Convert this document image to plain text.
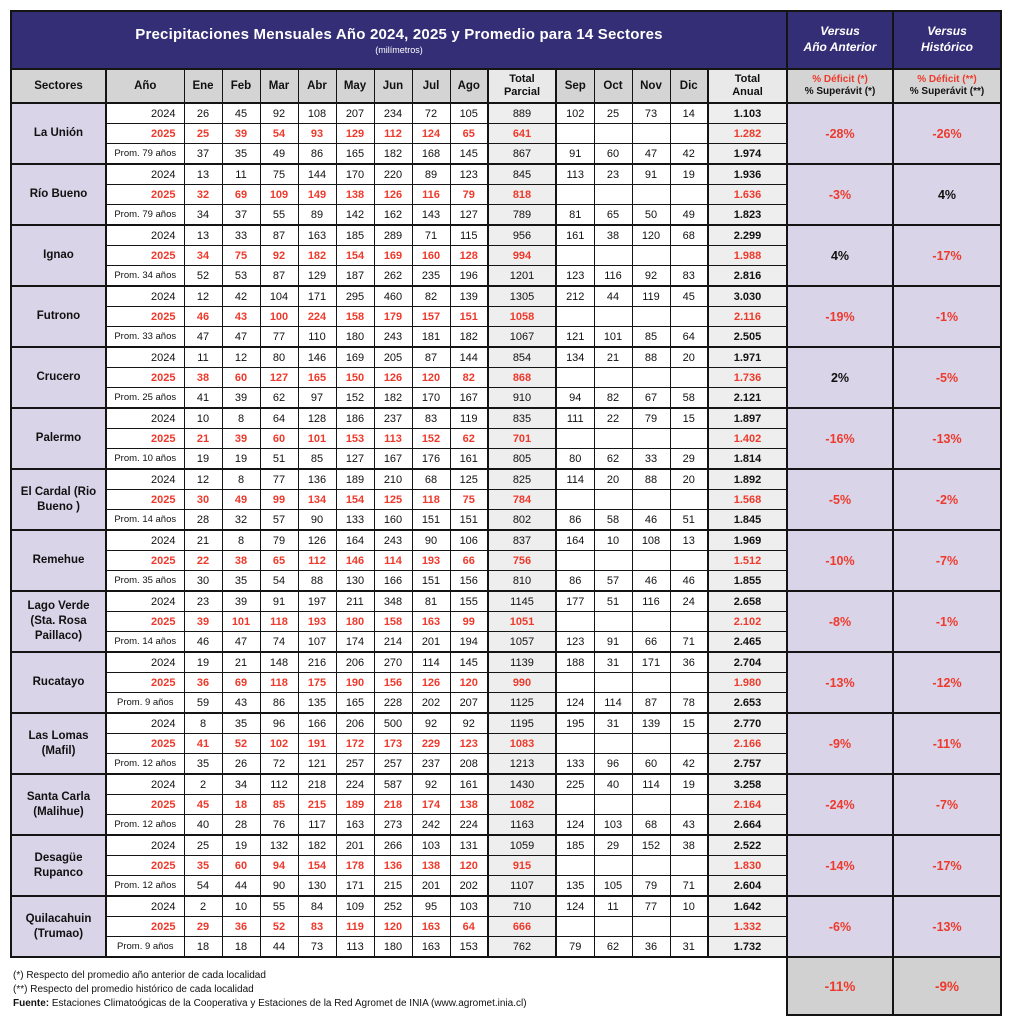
Precipitaciones Mensuales Año 2024, 2025 y Promedio para 14 Sectores
(milímetros)

Versus
Año Anterior

Versus
Histórico

Sectores	Año	Ene	Feb	Mar	Abr	May	Jun	Jul	Ago	
Total
Parcial	Sep	Oct	Nov	Dic	
Total
Anual

% Déficit (*)
% Superávit (*)

% Déficit (**)
% Superávit (**)

La Unión	2024	26	45	92	108	207	234	72	105	889	102	25	73	14	1.103	-28%	-26%
	2025	25	39	54	93	129	112	124	65	641					1.282		
	Prom. 79 años	37	35	49	86	165	182	168	145	867	91	60	47	42	1.974		
Río Bueno	2024	13	11	75	144	170	220	89	123	845	113	23	91	19	1.936	-3%	4%
	2025	32	69	109	149	138	126	116	79	818					1.636		
	Prom. 79 años	34	37	55	89	142	162	143	127	789	81	65	50	49	1.823		
Ignao	2024	13	33	87	163	185	289	71	115	956	161	38	120	68	2.299	4%	-17%
	2025	34	75	92	182	154	169	160	128	994					1.988		
	Prom. 34 años	52	53	87	129	187	262	235	196	1201	123	116	92	83	2.816		
Futrono	2024	12	42	104	171	295	460	82	139	1305	212	44	119	45	3.030	-19%	-1%
	2025	46	43	100	224	158	179	157	151	1058					2.116		
	Prom. 33 años	47	47	77	110	180	243	181	182	1067	121	101	85	64	2.505		
Crucero	2024	11	12	80	146	169	205	87	144	854	134	21	88	20	1.971	2%	-5%
	2025	38	60	127	165	150	126	120	82	868					1.736		
	Prom. 25 años	41	39	62	97	152	182	170	167	910	94	82	67	58	2.121		
Palermo	2024	10	8	64	128	186	237	83	119	835	111	22	79	15	1.897	-16%	-13%
	2025	21	39	60	101	153	113	152	62	701					1.402		
	Prom. 10 años	19	19	51	85	127	167	176	161	805	80	62	33	29	1.814		
El Cardal (Rio Bueno )	2024	12	8	77	136	189	210	68	125	825	114	20	88	20	1.892	-5%	-2%
	2025	30	49	99	134	154	125	118	75	784					1.568		
	Prom. 14 años	28	32	57	90	133	160	151	151	802	86	58	46	51	1.845		
Remehue	2024	21	8	79	126	164	243	90	106	837	164	10	108	13	1.969	-10%	-7%
	2025	22	38	65	112	146	114	193	66	756					1.512		
	Prom. 35 años	30	35	54	88	130	166	151	156	810	86	57	46	46	1.855		
Lago Verde (Sta. Rosa Paillaco)	2024	23	39	91	197	211	348	81	155	1145	177	51	116	24	2.658	-8%	-1%
	2025	39	101	118	193	180	158	163	99	1051					2.102		
	Prom. 14 años	46	47	74	107	174	214	201	194	1057	123	91	66	71	2.465		
Rucatayo	2024	19	21	148	216	206	270	114	145	1139	188	31	171	36	2.704	-13%	-12%
	2025	36	69	118	175	190	156	126	120	990					1.980		
	Prom. 9 años	59	43	86	135	165	228	202	207	1125	124	114	87	78	2.653		
Las Lomas (Mafil)	2024	8	35	96	166	206	500	92	92	1195	195	31	139	15	2.770	-9%	-11%
	2025	41	52	102	191	172	173	229	123	1083					2.166		
	Prom. 12 años	35	26	72	121	257	257	237	208	1213	133	96	60	42	2.757		
Santa Carla (Malihue)	2024	2	34	112	218	224	587	92	161	1430	225	40	114	19	3.258	-24%	-7%
	2025	45	18	85	215	189	218	174	138	1082					2.164		
	Prom. 12 años	40	28	76	117	163	273	242	224	1163	124	103	68	43	2.664		
Desagüe Rupanco	2024	25	19	132	182	201	266	103	131	1059	185	29	152	38	2.522	-14%	-17%
	2025	35	60	94	154	178	136	138	120	915					1.830		
	Prom. 12 años	54	44	90	130	171	215	201	202	1107	135	105	79	71	2.604		
Quilacahuin (Trumao)	2024	2	10	55	84	109	252	95	103	710	124	11	77	10	1.642	-6%	-13%
	2025	29	36	52	83	119	120	163	64	666					1.332		
	Prom. 9 años	18	18	44	73	113	180	163	153	762	79	62	36	31	1.732		

(*) Respecto del promedio año anterior de cada localidad
(**) Respecto del promedio histórico de cada localidad
Fuente: Estaciones Climatoógicas de la Cooperativa y Estaciones de la Red Agromet de INIA (www.agromet.inia.cl)																-11%	-9%
